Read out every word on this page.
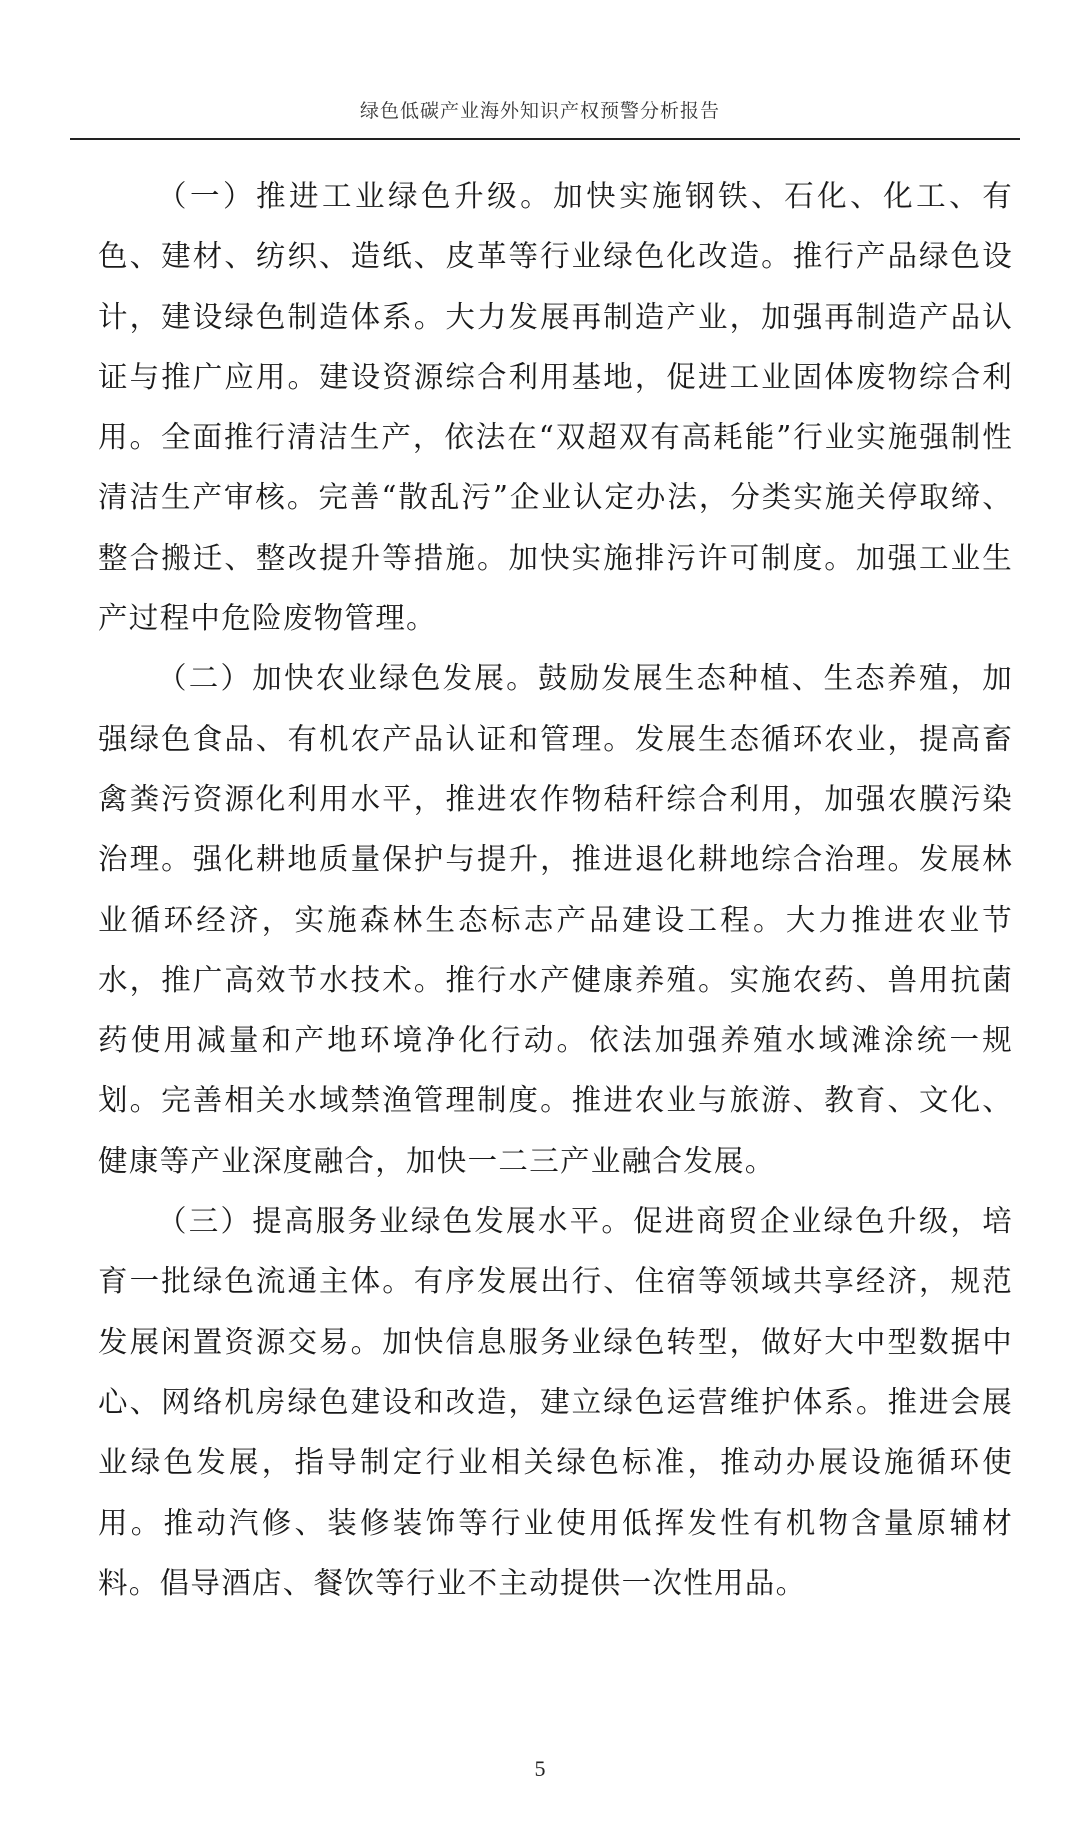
绿色低碳产业海外知识产权预警分析报告

（一）推进工业绿色升级。加快实施钢铁、石化、化工、有色、建材、纺织、造纸、皮革等行业绿色化改造。推行产品绿色设计，建设绿色制造体系。大力发展再制造产业，加强再制造产品认证与推广应用。建设资源综合利用基地，促进工业固体废物综合利用。全面推行清洁生产，依法在“双超双有高耗能”行业实施强制性清洁生产审核。完善“散乱污”企业认定办法，分类实施关停取缔、整合搬迁、整改提升等措施。加快实施排污许可制度。加强工业生产过程中危险废物管理。

（二）加快农业绿色发展。鼓励发展生态种植、生态养殖，加强绿色食品、有机农产品认证和管理。发展生态循环农业，提高畜禽粪污资源化利用水平，推进农作物秸秆综合利用，加强农膜污染治理。强化耕地质量保护与提升，推进退化耕地综合治理。发展林业循环经济，实施森林生态标志产品建设工程。大力推进农业节水，推广高效节水技术。推行水产健康养殖。实施农药、兽用抗菌药使用减量和产地环境净化行动。依法加强养殖水域滩涂统一规划。完善相关水域禁渔管理制度。推进农业与旅游、教育、文化、健康等产业深度融合，加快一二三产业融合发展。

（三）提高服务业绿色发展水平。促进商贸企业绿色升级，培育一批绿色流通主体。有序发展出行、住宿等领域共享经济，规范发展闲置资源交易。加快信息服务业绿色转型，做好大中型数据中心、网络机房绿色建设和改造，建立绿色运营维护体系。推进会展业绿色发展，指导制定行业相关绿色标准，推动办展设施循环使用。推动汽修、装修装饰等行业使用低挥发性有机物含量原辅材料。倡导酒店、餐饮等行业不主动提供一次性用品。

5
